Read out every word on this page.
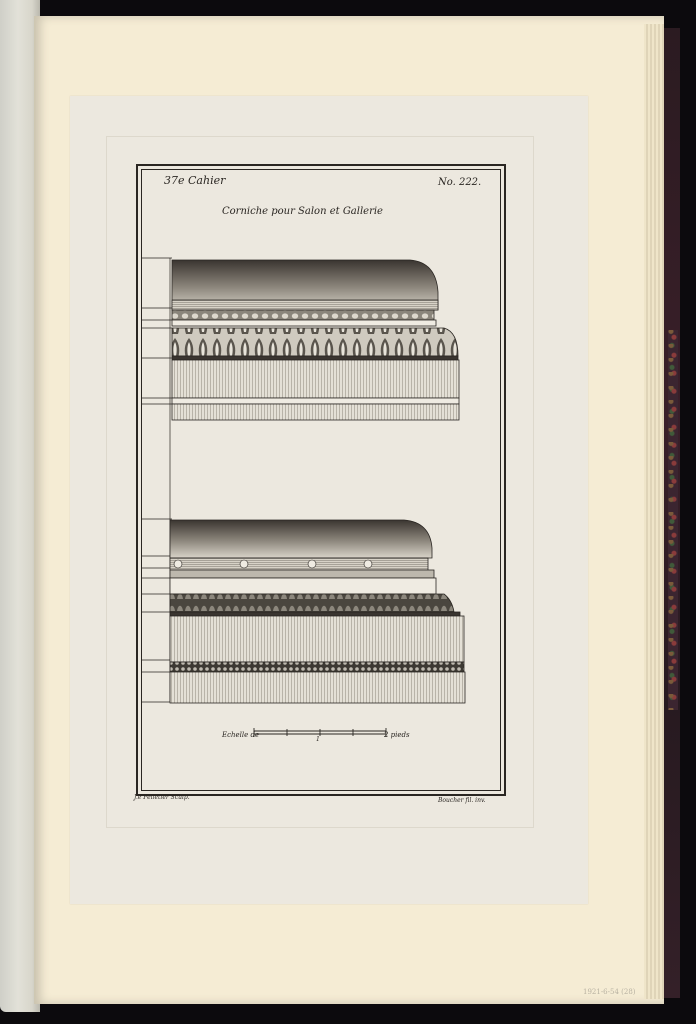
37e Cahier	No. 222.
Corniche pour Salon et Gallerie
Echelle de	2 pieds
J.e Pelletier Sculp.	Boucher fil. inv.
1921-6-54 (28)
1
